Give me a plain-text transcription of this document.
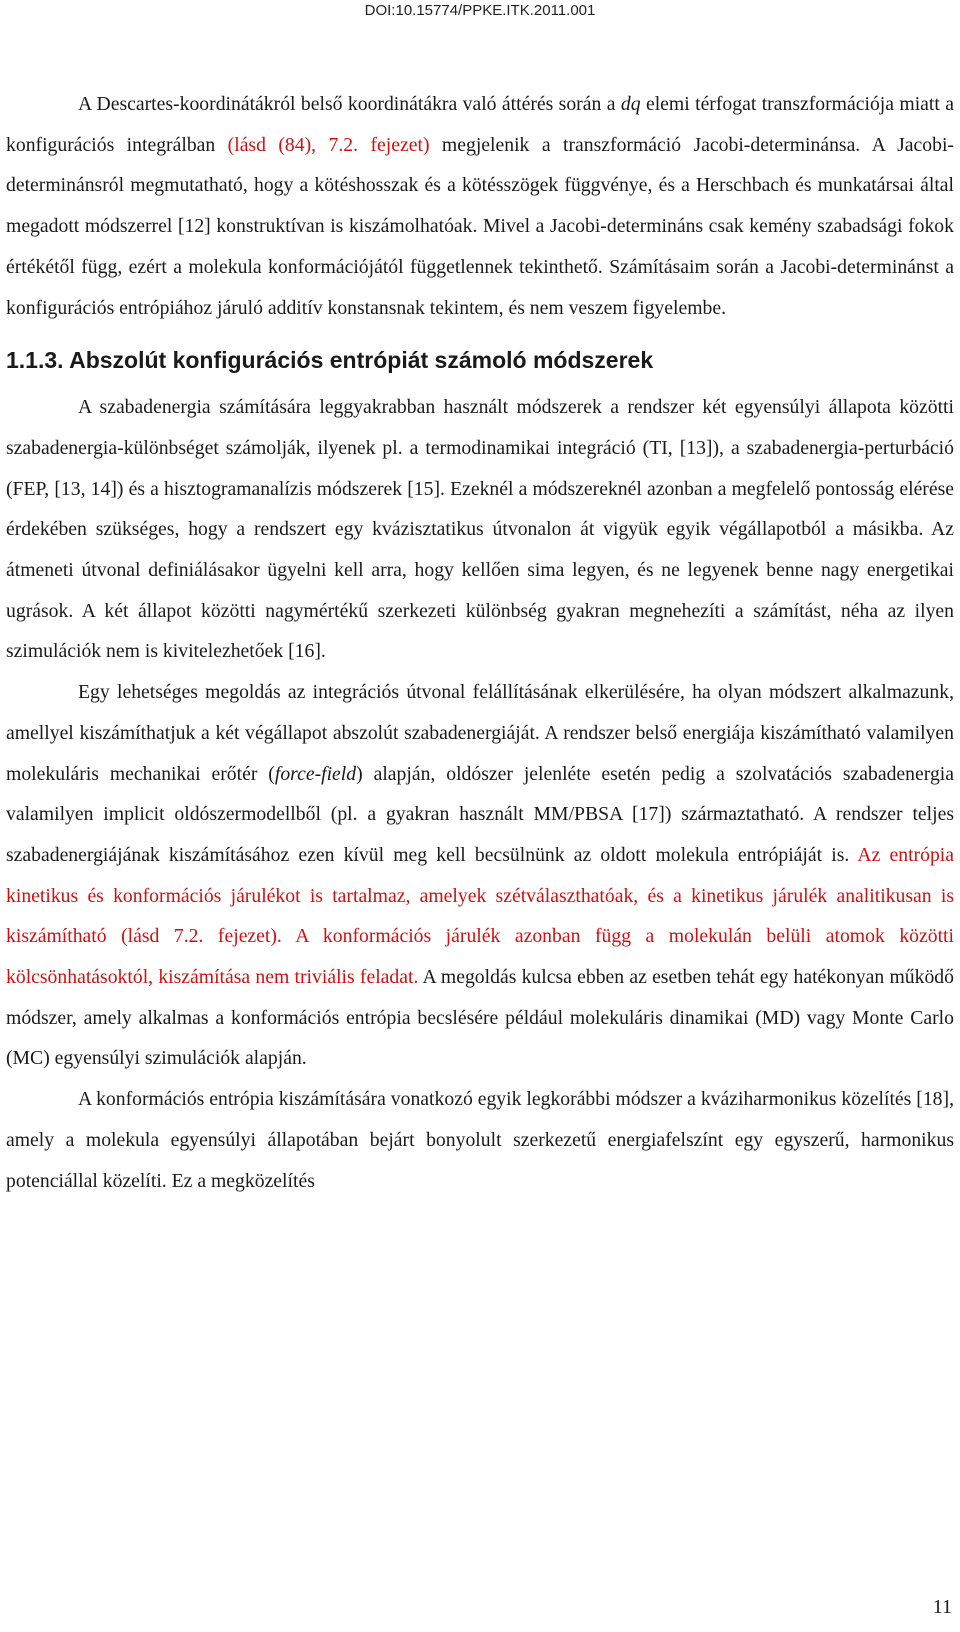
DOI:10.15774/PPKE.ITK.2011.001

A Descartes-koordinátákról belső koordinátákra való áttérés során a dq elemi térfogat transzformációja miatt a konfigurációs integrálban (lásd (84), 7.2. fejezet) megjelenik a transzformáció Jacobi-determinánsa. A Jacobi-determinánsról megmutatható, hogy a kötéshosszak és a kötésszögek függvénye, és a Herschbach és munkatársai által megadott módszerrel [12] konstruktívan is kiszámolhatóak. Mivel a Jacobi-determináns csak kemény szabadsági fokok értékétől függ, ezért a molekula konformációjától függetlennek tekinthető. Számításaim során a Jacobi-determinánst a konfigurációs entrópiához járuló additív konstansnak tekintem, és nem veszem figyelembe.

1.1.3. Abszolút konfigurációs entrópiát számoló módszerek

A szabadenergia számítására leggyakrabban használt módszerek a rendszer két egyensúlyi állapota közötti szabadenergia-különbséget számolják, ilyenek pl. a termodinamikai integráció (TI, [13]), a szabadenergia-perturbáció (FEP, [13, 14]) és a hisztogramanalízis módszerek [15]. Ezeknél a módszereknél azonban a megfelelő pontosság elérése érdekében szükséges, hogy a rendszert egy kvázisztatikus útvonalon át vigyük egyik végállapotból a másikba. Az átmeneti útvonal definiálásakor ügyelni kell arra, hogy kellően sima legyen, és ne legyenek benne nagy energetikai ugrások. A két állapot közötti nagymértékű szerkezeti különbség gyakran megnehezíti a számítást, néha az ilyen szimulációk nem is kivitelezhetőek [16].

Egy lehetséges megoldás az integrációs útvonal felállításának elkerülésére, ha olyan módszert alkalmazunk, amellyel kiszámíthatjuk a két végállapot abszolút szabadenergiáját. A rendszer belső energiája kiszámítható valamilyen molekuláris mechanikai erőtér (force-field) alapján, oldószer jelenléte esetén pedig a szolvatációs szabadenergia valamilyen implicit oldószermodellből (pl. a gyakran használt MM/PBSA [17]) származtatható. A rendszer teljes szabadenergiájának kiszámításához ezen kívül meg kell becsülnünk az oldott molekula entrópiáját is. Az entrópia kinetikus és konformációs járulékot is tartalmaz, amelyek szétválaszthatóak, és a kinetikus járulék analitikusan is kiszámítható (lásd 7.2. fejezet). A konformációs járulék azonban függ a molekulán belüli atomok közötti kölcsönhatásoktól, kiszámítása nem triviális feladat. A megoldás kulcsa ebben az esetben tehát egy hatékonyan működő módszer, amely alkalmas a konformációs entrópia becslésére például molekuláris dinamikai (MD) vagy Monte Carlo (MC) egyensúlyi szimulációk alapján.

A konformációs entrópia kiszámítására vonatkozó egyik legkorábbi módszer a kváziharmonikus közelítés [18], amely a molekula egyensúlyi állapotában bejárt bonyolult szerkezetű energiafelszínt egy egyszerű, harmonikus potenciállal közelíti. Ez a megközelítés

11
